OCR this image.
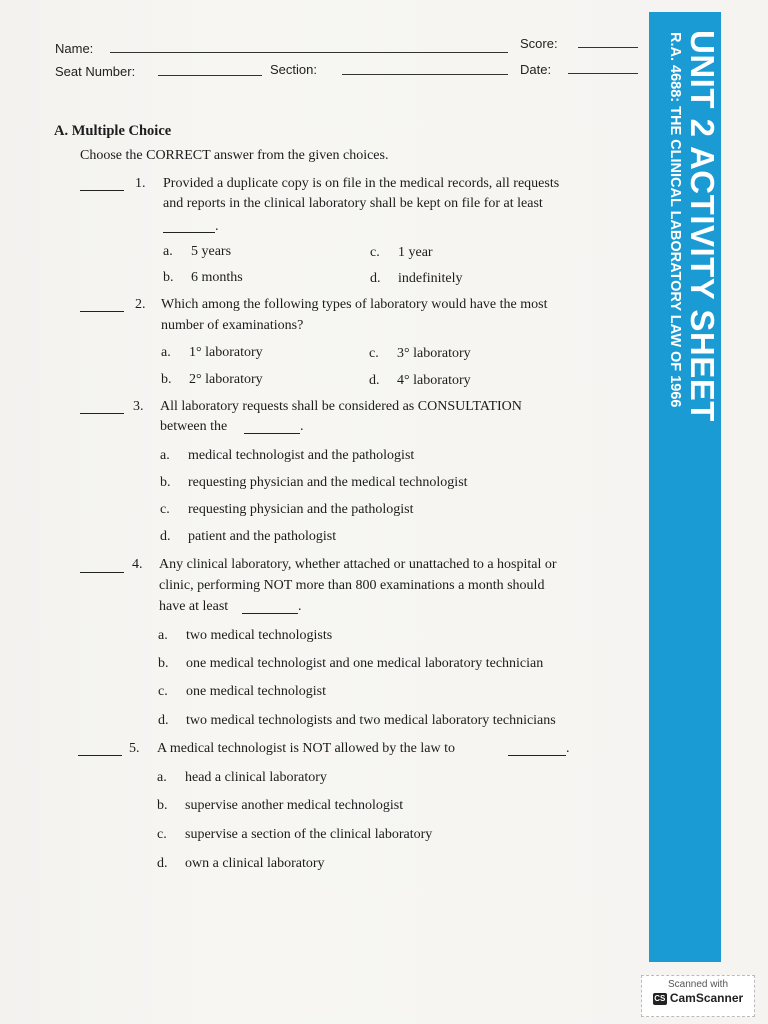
Name:	Score:
Seat Number:	Section:	Date:	UNIT 2 ACTIVITY SHEET
R.A. 4688: THE CLINICAL LABORATORY LAW OF 1966
A. Multiple Choice
Choose the CORRECT answer from the given choices.
1. Provided a duplicate copy is on file in the medical records, all requests
and reports in the clinical laboratory shall be kept on file for at least
.
a. 5 years
b. 6 months
c. 1 year
d. indefinitely
2. Which among the following types of laboratory would have the most
number of examinations?
a. 1° laboratory
b. 2° laboratory
c. 3° laboratory
d. 4° laboratory
3. All laboratory requests shall be considered as CONSULTATION
between the	.
a. medical technologist and the pathologist
b. requesting physician and the medical technologist
c. requesting physician and the pathologist
d. patient and the pathologist
4. Any clinical laboratory, whether attached or unattached to a hospital or
clinic, performing NOT more than 800 examinations a month should
have at least	.
a. two medical technologists
b. one medical technologist and one medical laboratory technician
c. one medical technologist
d. two medical technologists and two medical laboratory technicians
5. A medical technologist is NOT allowed by the law to	.
a. head a clinical laboratory
b. supervise another medical technologist
c. supervise a section of the clinical laboratory
d. own a clinical laboratory
Scanned with
CS CamScanner
